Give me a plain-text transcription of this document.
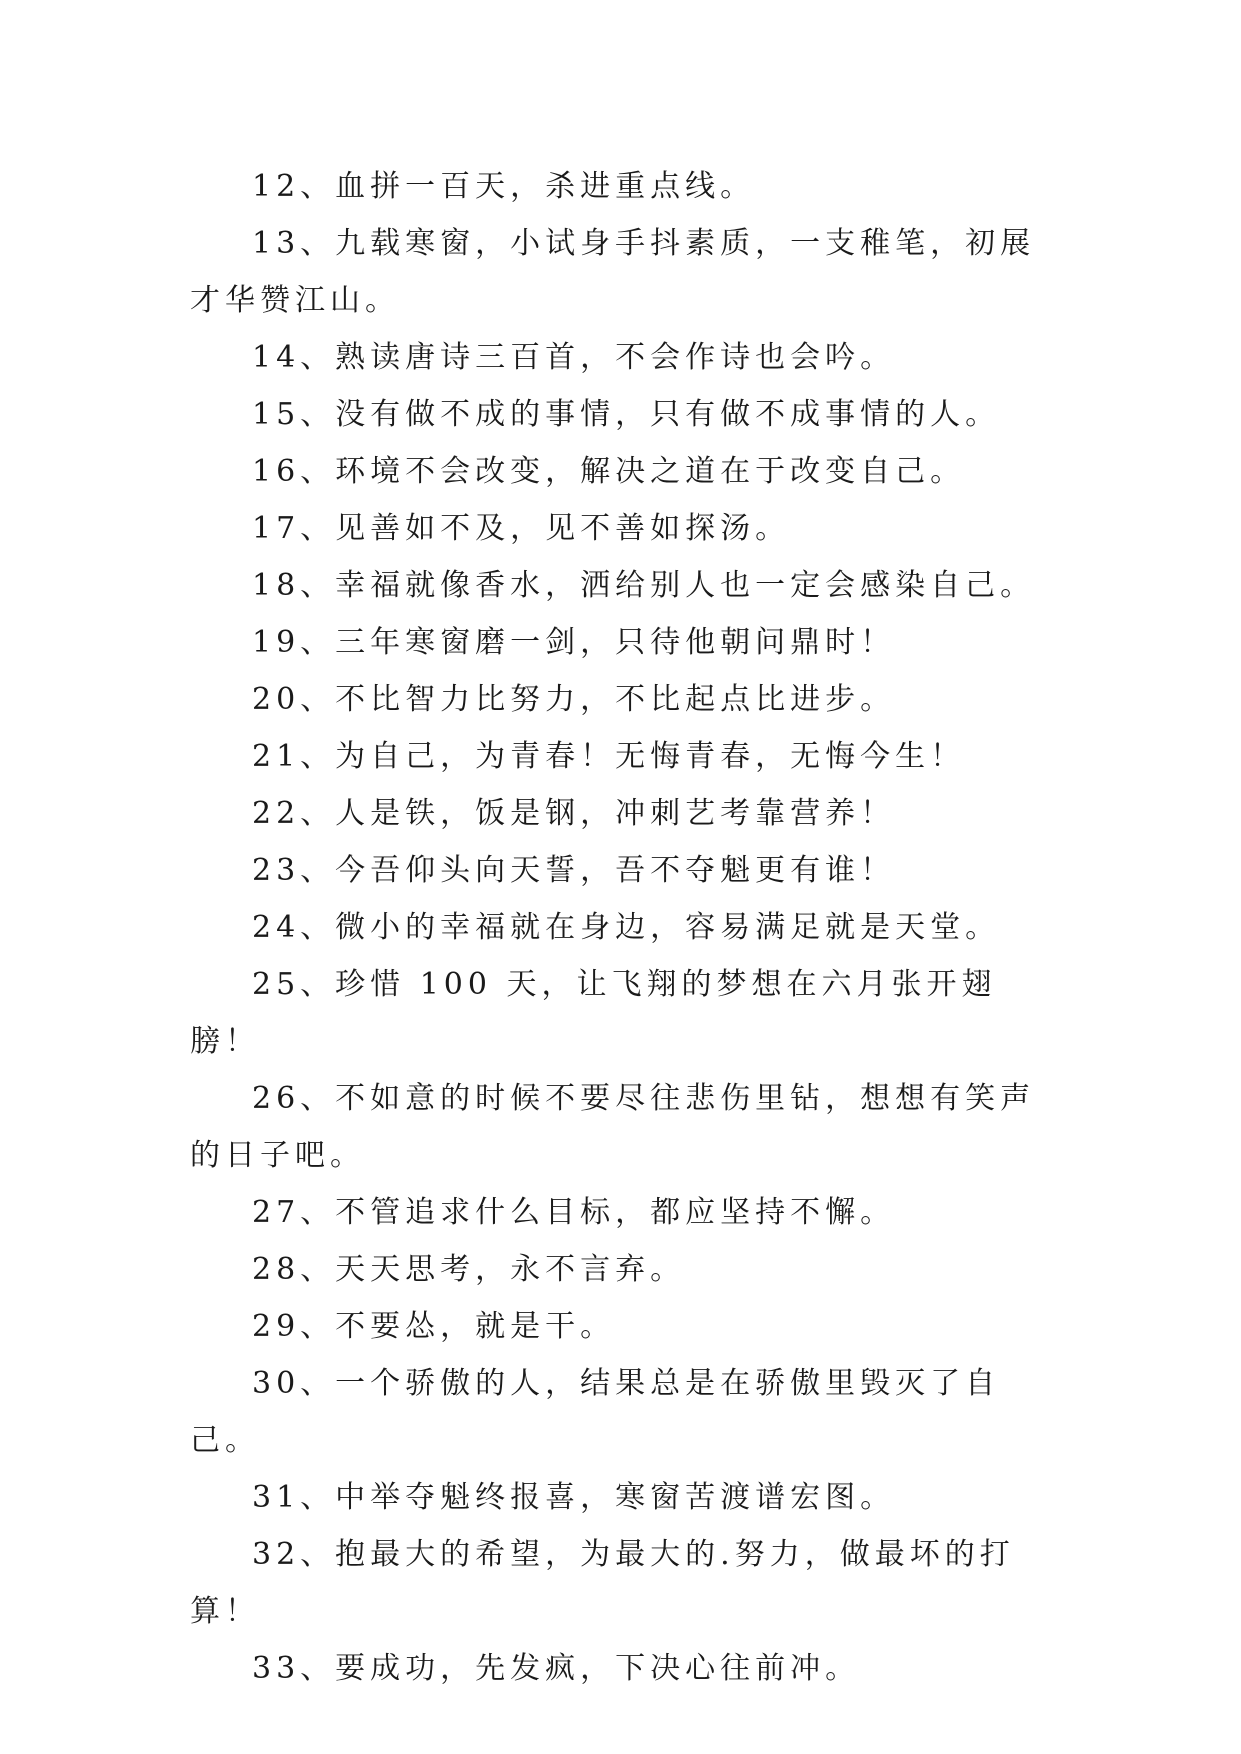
12、血拼一百天，杀进重点线。

13、九载寒窗，小试身手抖素质，一支稚笔，初展才华赞江山。

14、熟读唐诗三百首，不会作诗也会吟。

15、没有做不成的事情，只有做不成事情的人。

16、环境不会改变，解决之道在于改变自己。

17、见善如不及，见不善如探汤。

18、幸福就像香水，洒给别人也一定会感染自己。

19、三年寒窗磨一剑，只待他朝问鼎时！

20、不比智力比努力，不比起点比进步。

21、为自己，为青春！无悔青春，无悔今生！

22、人是铁，饭是钢，冲刺艺考靠营养！

23、今吾仰头向天誓，吾不夺魁更有谁！

24、微小的幸福就在身边，容易满足就是天堂。

25、珍惜 100 天，让飞翔的梦想在六月张开翅膀！

26、不如意的时候不要尽往悲伤里钻，想想有笑声的日子吧。

27、不管追求什么目标，都应坚持不懈。

28、天天思考，永不言弃。

29、不要怂，就是干。

30、一个骄傲的人，结果总是在骄傲里毁灭了自己。

31、中举夺魁终报喜，寒窗苦渡谱宏图。

32、抱最大的希望，为最大的.努力，做最坏的打算！

33、要成功，先发疯，下决心往前冲。
